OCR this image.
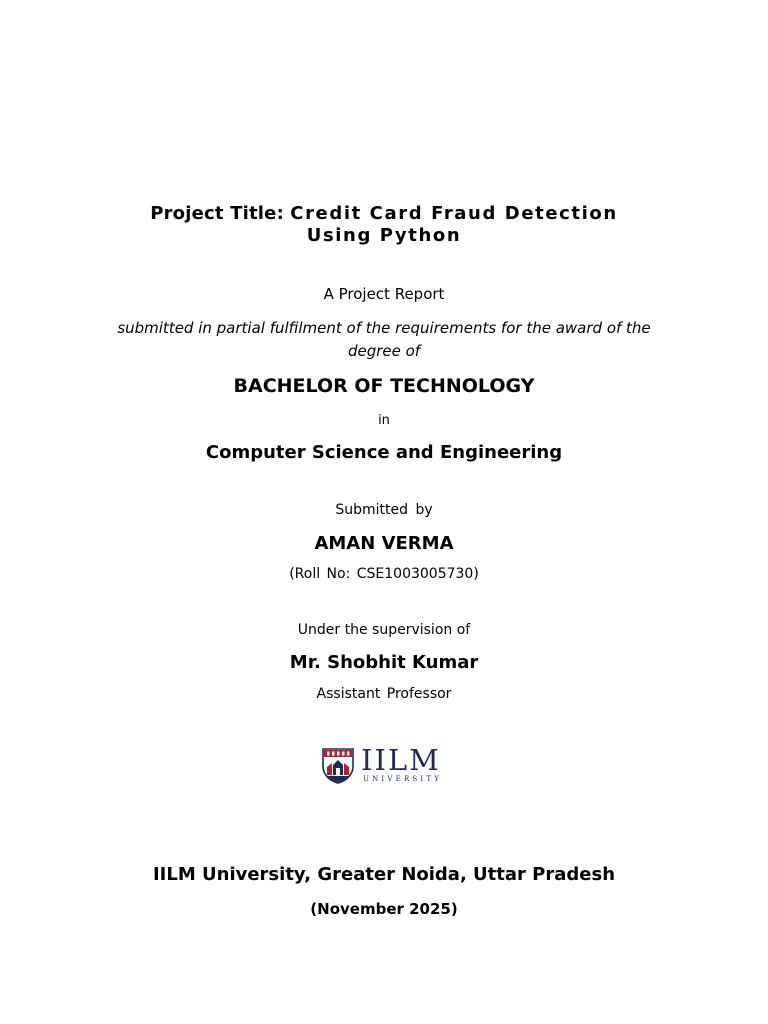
Project Title: Credit Card Fraud Detection
Using Python
A Project Report
submitted in partial fulfilment of the requirements for the award of the
degree of
BACHELOR OF TECHNOLOGY
in
Computer Science and Engineering
Submitted by
AMAN VERMA
(Roll No: CSE1003005730)
Under the supervision of
Mr. Shobhit Kumar
Assistant Professor
IILM
UNIVERSITY
IILM University, Greater Noida, Uttar Pradesh
(November 2025)
